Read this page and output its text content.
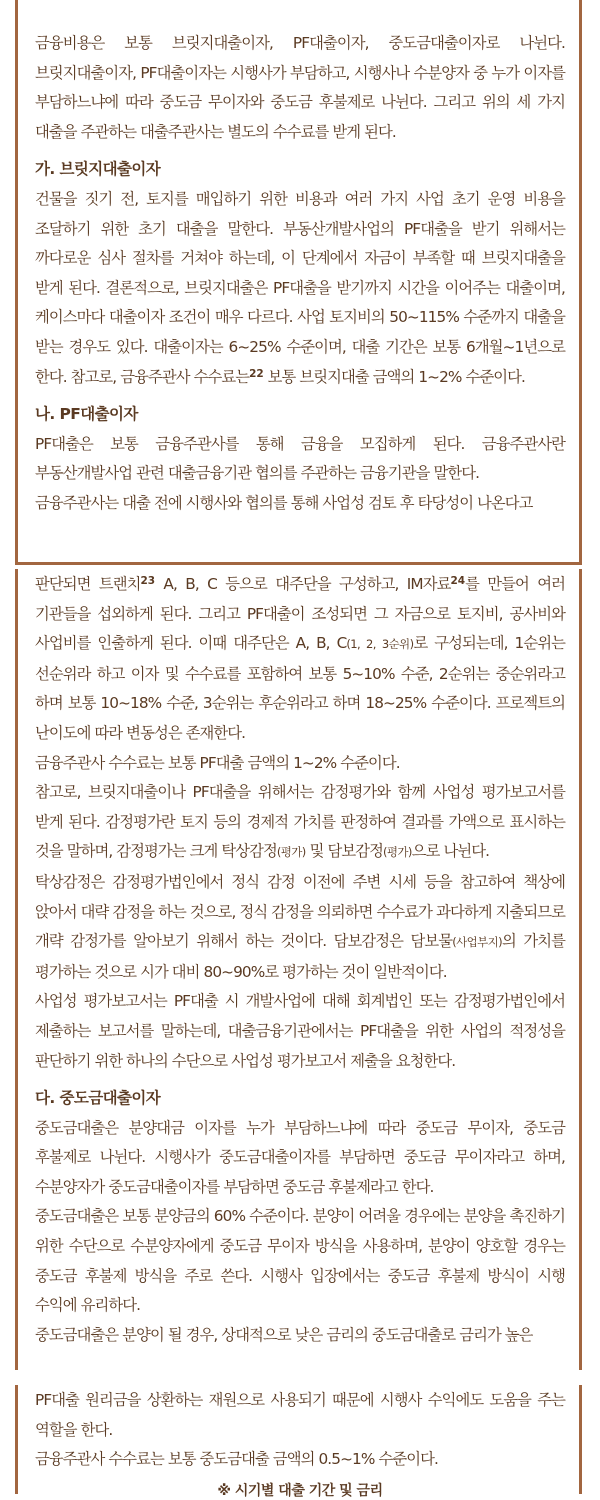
금융비용은 보통 브릿지대출이자, PF대출이자, 중도금대출이자로 나뉜다. 브릿지대출이자, PF대출이자는 시행사가 부담하고, 시행사나 수분양자 중 누가 이자를 부담하느냐에 따라 중도금 무이자와 중도금 후불제로 나뉜다. 그리고 위의 세 가지 대출을 주관하는 대출주관사는 별도의 수수료를 받게 된다.

가. 브릿지대출이자

건물을 짓기 전, 토지를 매입하기 위한 비용과 여러 가지 사업 초기 운영 비용을 조달하기 위한 초기 대출을 말한다. 부동산개발사업의 PF대출을 받기 위해서는 까다로운 심사 절차를 거쳐야 하는데, 이 단계에서 자금이 부족할 때 브릿지대출을 받게 된다. 결론적으로, 브릿지대출은 PF대출을 받기까지 시간을 이어주는 대출이며, 케이스마다 대출이자 조건이 매우 다르다. 사업 토지비의 50~115% 수준까지 대출을 받는 경우도 있다. 대출이자는 6~25% 수준이며, 대출 기간은 보통 6개월~1년으로 한다. 참고로, 금융주관사 수수료는$^{22}$ 보통 브릿지대출 금액의 1~2% 수준이다.

나. PF대출이자

PF대출은 보통 금융주관사를 통해 금융을 모집하게 된다. 금융주관사란 부동산개발사업 관련 대출금융기관 협의를 주관하는 금융기관을 말한다.

금융주관사는 대출 전에 시행사와 협의를 통해 사업성 검토 후 타당성이 나온다고

판단되면 트랜치$^{23}$ A, B, C 등으로 대주단을 구성하고, IM자료$^{24}$를 만들어 여러 기관들을 섭외하게 된다. 그리고 PF대출이 조성되면 그 자금으로 토지비, 공사비와 사업비를 인출하게 된다. 이때 대주단은 A, B, C(1, 2, 3순위)로 구성되는데, 1순위는 선순위라 하고 이자 및 수수료를 포함하여 보통 5~10% 수준, 2순위는 중순위라고 하며 보통 10~18% 수준, 3순위는 후순위라고 하며 18~25% 수준이다. 프로젝트의 난이도에 따라 변동성은 존재한다.

금융주관사 수수료는 보통 PF대출 금액의 1~2% 수준이다.

참고로, 브릿지대출이나 PF대출을 위해서는 감정평가와 함께 사업성 평가보고서를 받게 된다. 감정평가란 토지 등의 경제적 가치를 판정하여 결과를 가액으로 표시하는 것을 말하며, 감정평가는 크게 탁상감정(평가) 및 담보감정(평가)으로 나뉜다.

탁상감정은 감정평가법인에서 정식 감정 이전에 주변 시세 등을 참고하여 책상에 앉아서 대략 감정을 하는 것으로, 정식 감정을 의뢰하면 수수료가 과다하게 지출되므로 개략 감정가를 알아보기 위해서 하는 것이다. 담보감정은 담보물(사업부지)의 가치를 평가하는 것으로 시가 대비 80~90%로 평가하는 것이 일반적이다.

사업성 평가보고서는 PF대출 시 개발사업에 대해 회계법인 또는 감정평가법인에서 제출하는 보고서를 말하는데, 대출금융기관에서는 PF대출을 위한 사업의 적정성을 판단하기 위한 하나의 수단으로 사업성 평가보고서 제출을 요청한다.

다. 중도금대출이자

중도금대출은 분양대금 이자를 누가 부담하느냐에 따라 중도금 무이자, 중도금 후불제로 나뉜다. 시행사가 중도금대출이자를 부담하면 중도금 무이자라고 하며, 수분양자가 중도금대출이자를 부담하면 중도금 후불제라고 한다.

중도금대출은 보통 분양금의 60% 수준이다. 분양이 어려울 경우에는 분양을 촉진하기 위한 수단으로 수분양자에게 중도금 무이자 방식을 사용하며, 분양이 양호할 경우는 중도금 후불제 방식을 주로 쓴다. 시행사 입장에서는 중도금 후불제 방식이 시행 수익에 유리하다.

중도금대출은 분양이 될 경우, 상대적으로 낮은 금리의 중도금대출로 금리가 높은

PF대출 원리금을 상환하는 재원으로 사용되기 때문에 시행사 수익에도 도움을 주는 역할을 한다.

금융주관사 수수료는 보통 중도금대출 금액의 0.5~1% 수준이다.

※ 시기별 대출 기간 및 금리
